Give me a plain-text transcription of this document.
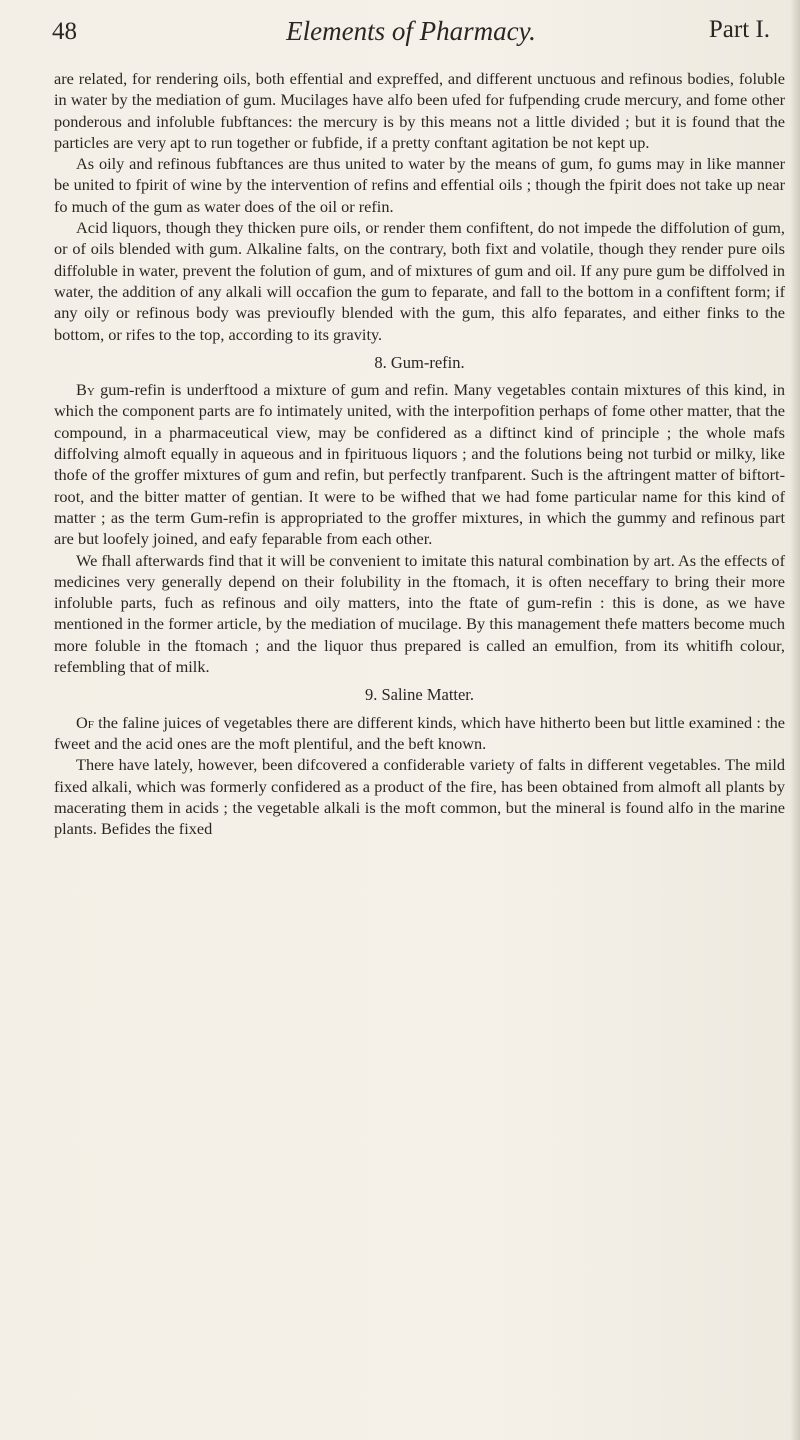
48	Elements of Pharmacy.	Part I.

are related, for rendering oils, both effential and expreffed, and different unctuous and refinous bodies, foluble in water by the mediation of gum. Mucilages have alfo been ufed for fufpending crude mercury, and fome other ponderous and infoluble fubftances: the mercury is by this means not a little divided ; but it is found that the particles are very apt to run together or fubfide, if a pretty conftant agitation be not kept up.

As oily and refinous fubftances are thus united to water by the means of gum, fo gums may in like manner be united to fpirit of wine by the intervention of refins and effential oils ; though the fpirit does not take up near fo much of the gum as water does of the oil or refin.

Acid liquors, though they thicken pure oils, or render them confiftent, do not impede the diffolution of gum, or of oils blended with gum. Alkaline falts, on the contrary, both fixt and volatile, though they render pure oils diffoluble in water, prevent the folution of gum, and of mixtures of gum and oil. If any pure gum be diffolved in water, the addition of any alkali will occafion the gum to feparate, and fall to the bottom in a confiftent form; if any oily or refinous body was previoufly blended with the gum, this alfo feparates, and either finks to the bottom, or rifes to the top, according to its gravity.

8. Gum-refin.

By gum-refin is underftood a mixture of gum and refin. Many vegetables contain mixtures of this kind, in which the component parts are fo intimately united, with the interpofition perhaps of fome other matter, that the compound, in a pharmaceutical view, may be confidered as a diftinct kind of principle ; the whole mafs diffolving almoft equally in aqueous and in fpirituous liquors ; and the folutions being not turbid or milky, like thofe of the groffer mixtures of gum and refin, but perfectly tranfparent. Such is the aftringent matter of biftort-root, and the bitter matter of gentian. It were to be wifhed that we had fome particular name for this kind of matter ; as the term Gum-refin is appropriated to the groffer mixtures, in which the gummy and refinous part are but loofely joined, and eafy feparable from each other.

We fhall afterwards find that it will be convenient to imitate this natural combination by art. As the effects of medicines very generally depend on their folubility in the ftomach, it is often neceffary to bring their more infoluble parts, fuch as refinous and oily matters, into the ftate of gum-refin : this is done, as we have mentioned in the former article, by the mediation of mucilage. By this management thefe matters become much more foluble in the ftomach ; and the liquor thus prepared is called an emulfion, from its whitifh colour, refembling that of milk.

9. Saline Matter.

Of the faline juices of vegetables there are different kinds, which have hitherto been but little examined : the fweet and the acid ones are the moft plentiful, and the beft known.

There have lately, however, been difcovered a confiderable variety of falts in different vegetables. The mild fixed alkali, which was formerly confidered as a product of the fire, has been obtained from almoft all plants by macerating them in acids ; the vegetable alkali is the moft common, but the mineral is found alfo in the marine plants. Befides the fixed
